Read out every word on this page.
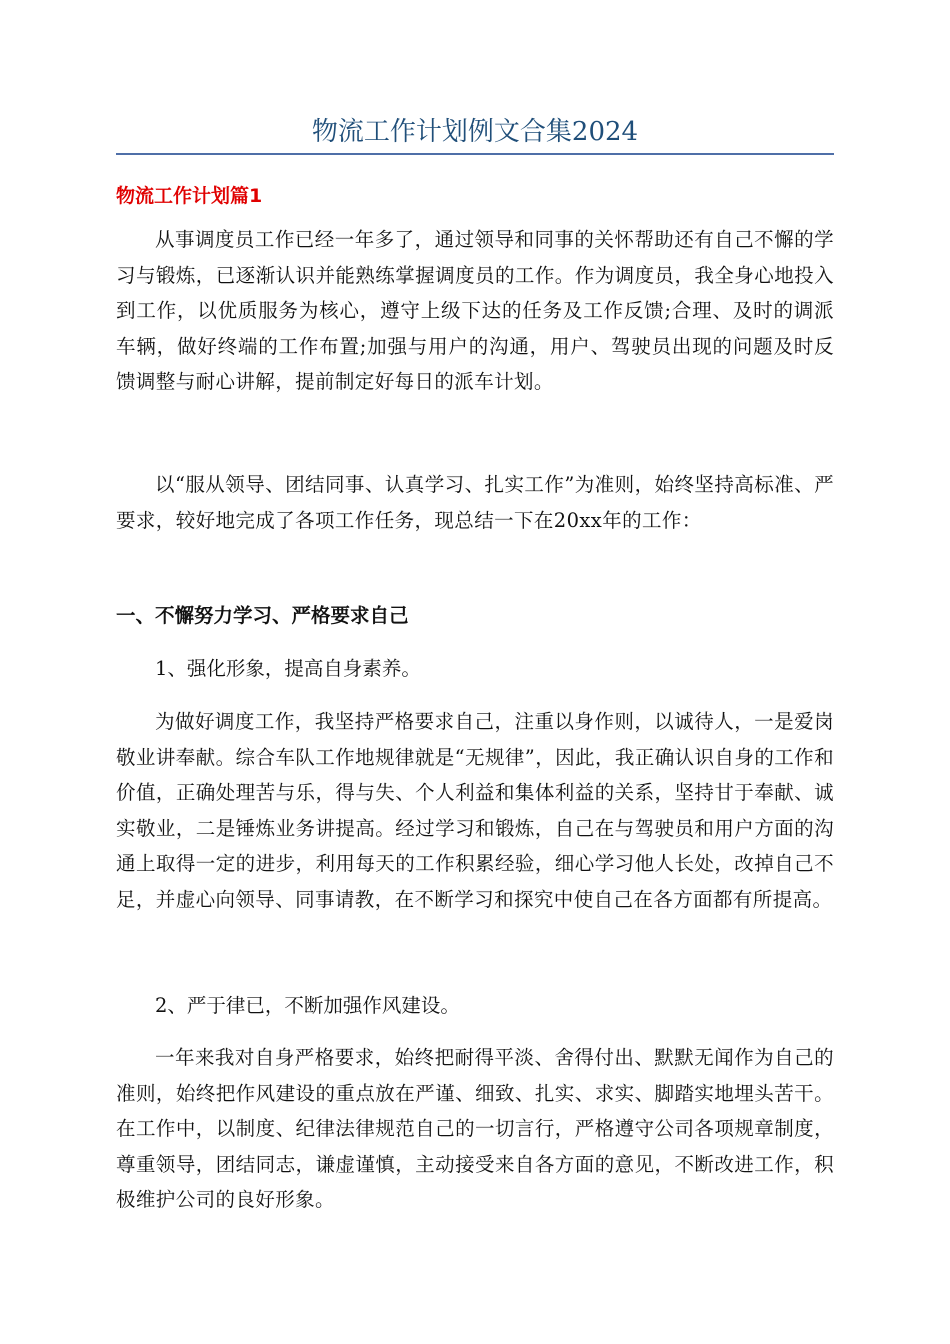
物流工作计划例文合集2024
物流工作计划篇1

从事调度员工作已经一年多了，通过领导和同事的关怀帮助还有自己不懈的学习与锻炼，已逐渐认识并能熟练掌握调度员的工作。作为调度员，我全身心地投入到工作，以优质服务为核心，遵守上级下达的任务及工作反馈;合理、及时的调派车辆，做好终端的工作布置;加强与用户的沟通，用户、驾驶员出现的问题及时反馈调整与耐心讲解，提前制定好每日的派车计划。

以“服从领导、团结同事、认真学习、扎实工作”为准则，始终坚持高标准、严要求，较好地完成了各项工作任务，现总结一下在20xx年的工作：

一、不懈努力学习、严格要求自己

1、强化形象，提高自身素养。

为做好调度工作，我坚持严格要求自己，注重以身作则，以诚待人，一是爱岗敬业讲奉献。综合车队工作地规律就是“无规律”，因此，我正确认识自身的工作和价值，正确处理苦与乐，得与失、个人利益和集体利益的关系，坚持甘于奉献、诚实敬业，二是锤炼业务讲提高。经过学习和锻炼，自己在与驾驶员和用户方面的沟通上取得一定的进步，利用每天的工作积累经验，细心学习他人长处，改掉自己不足，并虚心向领导、同事请教，在不断学习和探究中使自己在各方面都有所提高。

2、严于律已，不断加强作风建设。

一年来我对自身严格要求，始终把耐得平淡、舍得付出、默默无闻作为自己的准则，始终把作风建设的重点放在严谨、细致、扎实、求实、脚踏实地埋头苦干。在工作中，以制度、纪律法律规范自己的一切言行，严格遵守公司各项规章制度，尊重领导，团结同志，谦虚谨慎，主动接受来自各方面的意见，不断改进工作，积极维护公司的良好形象。
